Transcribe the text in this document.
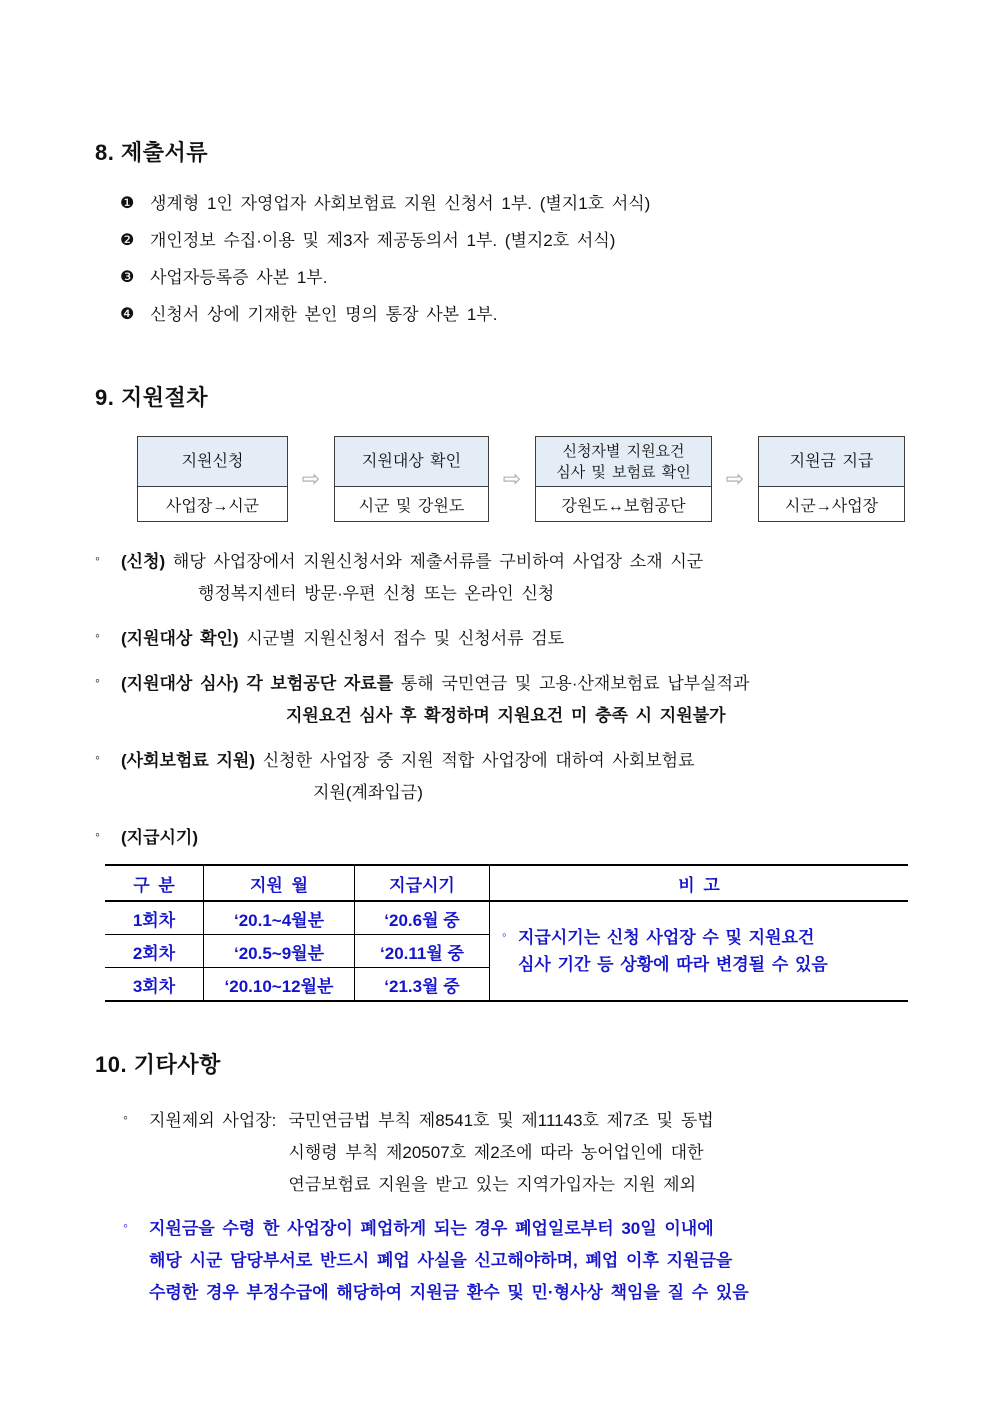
8. 제출서류
❶ 생계형 1인 자영업자 사회보험료 지원 신청서 1부. (별지1호 서식)
❷ 개인정보 수집·이용 및 제3자 제공동의서 1부. (별지2호 서식)
❸ 사업자등록증 사본 1부.
❹ 신청서 상에 기재한 본인 명의 통장 사본 1부.
9. 지원절차
지원신청
사업장→시군
⇨
지원대상 확인
시군 및 강원도
⇨
신청자별 지원요건
심사 및 보험료 확인
강원도↔보험공단
⇨
지원금 지급
시군→사업장
◦	(신청) 해당 사업장에서 지원신청서와 제출서류를 구비하여 사업장 소재 시군
행정복지센터 방문·우편 신청 또는 온라인 신청
◦	(지원대상 확인) 시군별 지원신청서 접수 및 신청서류 검토
◦	(지원대상 심사) 각 보험공단 자료를 통해 국민연금 및 고용·산재보험료 납부실적과
지원요건 심사 후 확정하며 지원요건 미 충족 시 지원불가
◦	(사회보험료 지원) 신청한 사업장 중 지원 적합 사업장에 대하여 사회보험료
지원(계좌입금)
◦	(지급시기)
구 분	지원 월	지급시기	비 고
1회차	‘20.1~4월분	‘20.6월 중	◦ 지급시기는 신청 사업장 수 및 지원요건
심사 기간 등 상황에 따라 변경될 수 있음

2회차	‘20.5~9월분	‘20.11월 중	
3회차	‘20.10~12월분	‘21.3월 중	
10. 기타사항
◦	지원제외 사업장: 국민연금법 부칙 제8541호 및 제11143호 제7조 및 동법
시행령 부칙 제20507호 제2조에 따라 농어업인에 대한
연금보험료 지원을 받고 있는 지역가입자는 지원 제외
◦	지원금을 수령 한 사업장이 폐업하게 되는 경우 폐업일로부터 30일 이내에
해당 시군 담당부서로 반드시 폐업 사실을 신고해야하며, 폐업 이후 지원금을
수령한 경우 부정수급에 해당하여 지원금 환수 및 민·형사상 책임을 질 수 있음
